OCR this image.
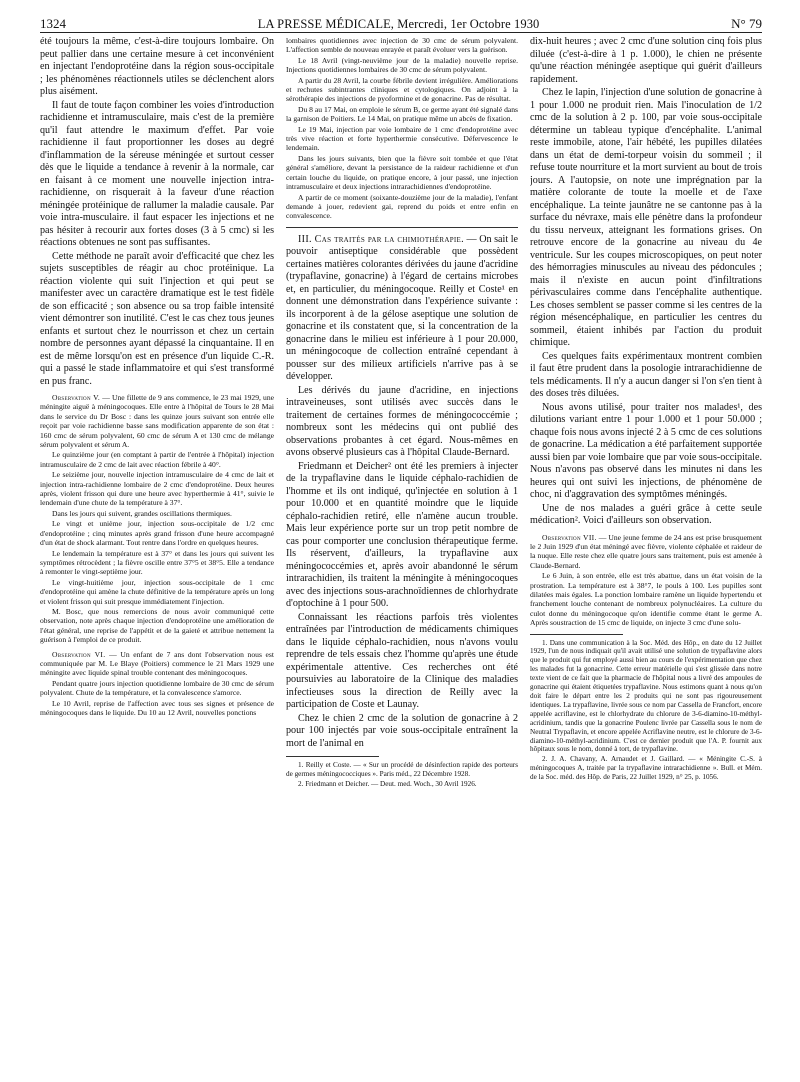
1324	LA PRESSE MÉDICALE, Mercredi, 1er Octobre 1930	N° 79

été toujours la même, c'est-à-dire toujours lombaire. On peut pallier dans une certaine mesure à cet inconvénient en injectant l'endoprotéine dans la région sous-occipitale ; les phénomènes réactionnels utiles se déclenchent alors plus aisément.

Il faut de toute façon combiner les voies d'introduction rachidienne et intramusculaire, mais c'est de la première qu'il faut attendre le maximum d'effet. Par voie rachidienne il faut proportionner les doses au degré d'inflammation de la séreuse méningée et surtout cesser dès que le liquide a tendance à revenir à la normale, car en faisant à ce moment une nouvelle injection intra-rachidienne, on risquerait à la faveur d'une réaction méningée protéinique de rallumer la maladie causale. Par voie intra-musculaire. il faut espacer les injections et ne pas hésiter à recourir aux fortes doses (3 à 5 cmc) si les réactions obtenues ne sont pas suffisantes.

Cette méthode ne paraît avoir d'efficacité que chez les sujets susceptibles de réagir au choc protéinique. La réaction violente qui suit l'injection et qui peut se manifester avec un caractère dramatique est le test fidèle de son efficacité ; son absence ou sa trop faible intensité vient démontrer son inutilité. C'est le cas chez tous jeunes enfants et surtout chez le nourrisson et chez un certain nombre de personnes ayant dépassé la cinquantaine. Il en est de même lorsqu'on est en présence d'un liquide C.-R. qui a passé le stade inflammatoire et qui s'est transformé en pus franc.

Observation V. — Une fillette de 9 ans commence, le 23 mai 1929, une méningite aiguë à méningocoques. Elle entre à l'hôpital de Tours le 28 Mai dans le service du Dr Bosc : dans les quinze jours suivant son entrée elle reçoit par voie rachidienne basse sans modification apparente de son état : 160 cmc de sérum polyvalent, 60 cmc de sérum A et 130 cmc de mélange sérum polyvalent et sérum A.

Le quinzième jour (en comptant à partir de l'entrée à l'hôpital) injection intramusculaire de 2 cmc de lait avec réaction fébrile à 40°.

Le seizième jour, nouvelle injection intramusculaire de 4 cmc de lait et injection intra-rachidienne lombaire de 2 cmc d'endoprotéine. Deux heures après, violent frisson qui dure une heure avec hyperthermie à 41°, suivie le lendemain d'une chute de la température à 37°.

Dans les jours qui suivent, grandes oscillations thermiques.

Le vingt et unième jour, injection sous-occipitale de 1/2 cmc d'endoprotéine ; cinq minutes après grand frisson d'une heure accompagné d'un état de shock alarmant. Tout rentre dans l'ordre en quelques heures.

Le lendemain la température est à 37° et dans les jours qui suivent les symptômes rétrocèdent ; la fièvre oscille entre 37°5 et 38°5. Elle a tendance à remonter le vingt-septième jour.

Le vingt-huitième jour, injection sous-occipitale de 1 cmc d'endoprotéine qui amène la chute définitive de la température après un long et violent frisson qui suit presque immédiatement l'injection.

M. Bosc, que nous remercions de nous avoir communiqué cette observation, note après chaque injection d'endoprotéine une amélioration de l'état général, une reprise de l'appétit et de la gaieté et attribue nettement la guérison à l'emploi de ce produit.

Observation VI. — Un enfant de 7 ans dont l'observation nous est communiquée par M. Le Blaye (Poitiers) commence le 21 Mars 1929 une méningite avec liquide spinal trouble contenant des méningocoques.

Pendant quatre jours injection quotidienne lombaire de 30 cmc de sérum polyvalent. Chute de la température, et la convalescence s'amorce.

Le 10 Avril, reprise de l'affection avec tous ses signes et présence de méningocoques dans le liquide. Du 10 au 12 Avril, nouvelles ponctions

lombaires quotidiennes avec injection de 30 cmc de sérum polyvalent. L'affection semble de nouveau enrayée et paraît évoluer vers la guérison.

Le 18 Avril (vingt-neuvième jour de la maladie) nouvelle reprise. Injections quotidiennes lombaires de 30 cmc de sérum polyvalent.

A partir du 28 Avril, la courbe fébrile devient irrégulière. Améliorations et rechutes subintrantes cliniques et cytologiques. On adjoint à la sérothérapie des injections de pyoformine et de gonacrine. Pas de résultat.

Du 8 au 17 Mai, on emploie le sérum B, ce germe ayant été signalé dans la garnison de Poitiers. Le 14 Mai, on pratique même un abcès de fixation.

Le 19 Mai, injection par voie lombaire de 1 cmc d'endoprotéine avec très vive réaction et forte hyperthermie consécutive. Défervescence le lendemain.

Dans les jours suivants, bien que la fièvre soit tombée et que l'état général s'améliore, devant la persistance de la raideur rachidienne et d'un certain louche du liquide, on pratique encore, à jour passé, une injection intramusculaire et deux injections intrarachidiennes d'endoprotéine.

A partir de ce moment (soixante-douzième jour de la maladie), l'enfant demande à jouer, redevient gai, reprend du poids et entre enfin en convalescence.

III. Cas traités par la chimiothérapie. — On sait le pouvoir antiseptique considérable que possèdent certaines matières colorantes dérivées du jaune d'acridine (trypaflavine, gonacrine) à l'égard de certains microbes et, en particulier, du méningocoque. Reilly et Coste¹ en donnent une démonstration dans l'expérience suivante : ils incorporent à de la gélose aseptique une solution de gonacrine et ils constatent que, si la concentration de la gonacrine dans le milieu est inférieure à 1 pour 20.000, un méningocoque de collection entraîné cependant à pousser sur des milieux artificiels n'arrive pas à se développer.

Les dérivés du jaune d'acridine, en injections intraveineuses, sont utilisés avec succès dans le traitement de certaines formes de méningococcémie ; nombreux sont les médecins qui ont publié des observations probantes à cet égard. Nous-mêmes en avons observé plusieurs cas à l'hôpital Claude-Bernard.

Friedmann et Deicher² ont été les premiers à injecter de la trypaflavine dans le liquide céphalo-rachidien de l'homme et ils ont indiqué, qu'injectée en solution à 1 pour 10.000 et en quantité moindre que le liquide céphalo-rachidien retiré, elle n'amène aucun trouble. Mais leur expérience porte sur un trop petit nombre de cas pour comporter une conclusion thérapeutique ferme. Ils réservent, d'ailleurs, la trypaflavine aux méningococcémies et, après avoir abandonné le sérum intrarachidien, ils traitent la méningite à méningocoques avec des injections sous-arachnoïdiennes de chlorhydrate d'optochine à 1 pour 500.

Connaissant les réactions parfois très violentes entraînées par l'introduction de médicaments chimiques dans le liquide céphalo-rachidien, nous n'avons voulu reprendre de tels essais chez l'homme qu'après une étude expérimentale attentive. Ces recherches ont été poursuivies au laboratoire de la Clinique des maladies infectieuses sous la direction de Reilly avec la participation de Coste et Launay.

Chez le chien 2 cmc de la solution de gonacrine à 2 pour 100 injectés par voie sous-occipitale entraînent la mort de l'animal en

1. Reilly et Coste. — « Sur un procédé de désinfection rapide des porteurs de germes méningococciques ». Paris méd., 22 Décembre 1928.

2. Friedmann et Deicher. — Deut. med. Woch., 30 Avril 1926.

dix-huit heures ; avec 2 cmc d'une solution cinq fois plus diluée (c'est-à-dire à 1 p. 1.000), le chien ne présente qu'une réaction méningée aseptique qui guérit d'ailleurs rapidement.

Chez le lapin, l'injection d'une solution de gonacrine à 1 pour 1.000 ne produit rien. Mais l'inoculation de 1/2 cmc de la solution à 2 p. 100, par voie sous-occipitale détermine un tableau typique d'encéphalite. L'animal reste immobile, atone, l'air hébété, les pupilles dilatées dans un état de demi-torpeur voisin du sommeil ; il refuse toute nourriture et la mort survient au bout de trois jours. A l'autopsie, on note une imprégnation par la matière colorante de toute la moelle et de l'axe encéphalique. La teinte jaunâtre ne se cantonne pas à la surface du névraxe, mais elle pénètre dans la profondeur du tissu nerveux, atteignant les formations grises. On retrouve encore de la gonacrine au niveau du 4e ventricule. Sur les coupes microscopiques, on peut noter des hémorragies minuscules au niveau des pédoncules ; mais il n'existe en aucun point d'infiltrations périvasculaires comme dans l'encéphalite authentique. Les choses semblent se passer comme si les centres de la région mésencéphalique, en particulier les centres du sommeil, étaient inhibés par l'action du produit chimique.

Ces quelques faits expérimentaux montrent combien il faut être prudent dans la posologie intrarachidienne de tels médicaments. Il n'y a aucun danger si l'on s'en tient à des doses très diluées.

Nous avons utilisé, pour traiter nos malades¹, des dilutions variant entre 1 pour 1.000 et 1 pour 50.000 ; chaque fois nous avons injecté 2 à 5 cmc de ces solutions de gonacrine. La médication a été parfaitement supportée aussi bien par voie lombaire que par voie sous-occipitale. Nous n'avons pas observé dans les minutes ni dans les heures qui ont suivi les injections, de phénomène de choc, ni d'aggravation des symptômes méningés.

Une de nos malades a guéri grâce à cette seule médication². Voici d'ailleurs son observation.

Observation VII. — Une jeune femme de 24 ans est prise brusquement le 2 Juin 1929 d'un état méningé avec fièvre, violente céphalée et raideur de la nuque. Elle reste chez elle quatre jours sans traitement, puis est amenée à Claude-Bernard.

Le 6 Juin, à son entrée, elle est très abattue, dans un état voisin de la prostration. La température est à 38°7, le pouls à 100. Les pupilles sont dilatées mais égales. La ponction lombaire ramène un liquide hypertendu et franchement louche contenant de nombreux polynucléaires. La culture du culot donne du méningocoque qu'on identifie comme étant le germe A. Après soustraction de 15 cmc de liquide, on injecte 3 cmc d'une solu-

1. Dans une communication à la Soc. Méd. des Hôp., en date du 12 Juillet 1929, l'un de nous indiquait qu'il avait utilisé une solution de trypaflavine alors que le produit qui fut employé aussi bien au cours de l'expérimentation que chez les malades fut la gonacrine. Cette erreur matérielle qui s'est glissée dans notre texte vient de ce fait que la pharmacie de l'hôpital nous a livré des ampoules de gonacrine qui étaient étiquetées trypaflavine. Nous estimons quant à nous qu'on doit faire le départ entre les 2 produits qui ne sont pas rigoureusement identiques. La trypaflavine, livrée sous ce nom par Cassella de Francfort, encore appelée acriflavine, est le chlorhydrate du chlorure de 3-6-diamino-10-méthyl-acridinium, tandis que la gonacrine Poulenc livrée par Cassella sous le nom de Neutral Trypaflavin, et encore appelée Acriflavine neutre, est le chlorure de 3-6-diamino-10-méthyl-acridinium. C'est ce dernier produit que l'A. P. fournit aux hôpitaux sous le nom, donné à tort, de trypaflavine.

2. J. A. Chavany, A. Arnaudet et J. Gaillard. — « Méningite C.-S. à méningocoques A, traitée par la trypaflavine intrarachidienne ». Bull. et Mém. de la Soc. méd. des Hôp. de Paris, 22 Juillet 1929, n° 25, p. 1056.
